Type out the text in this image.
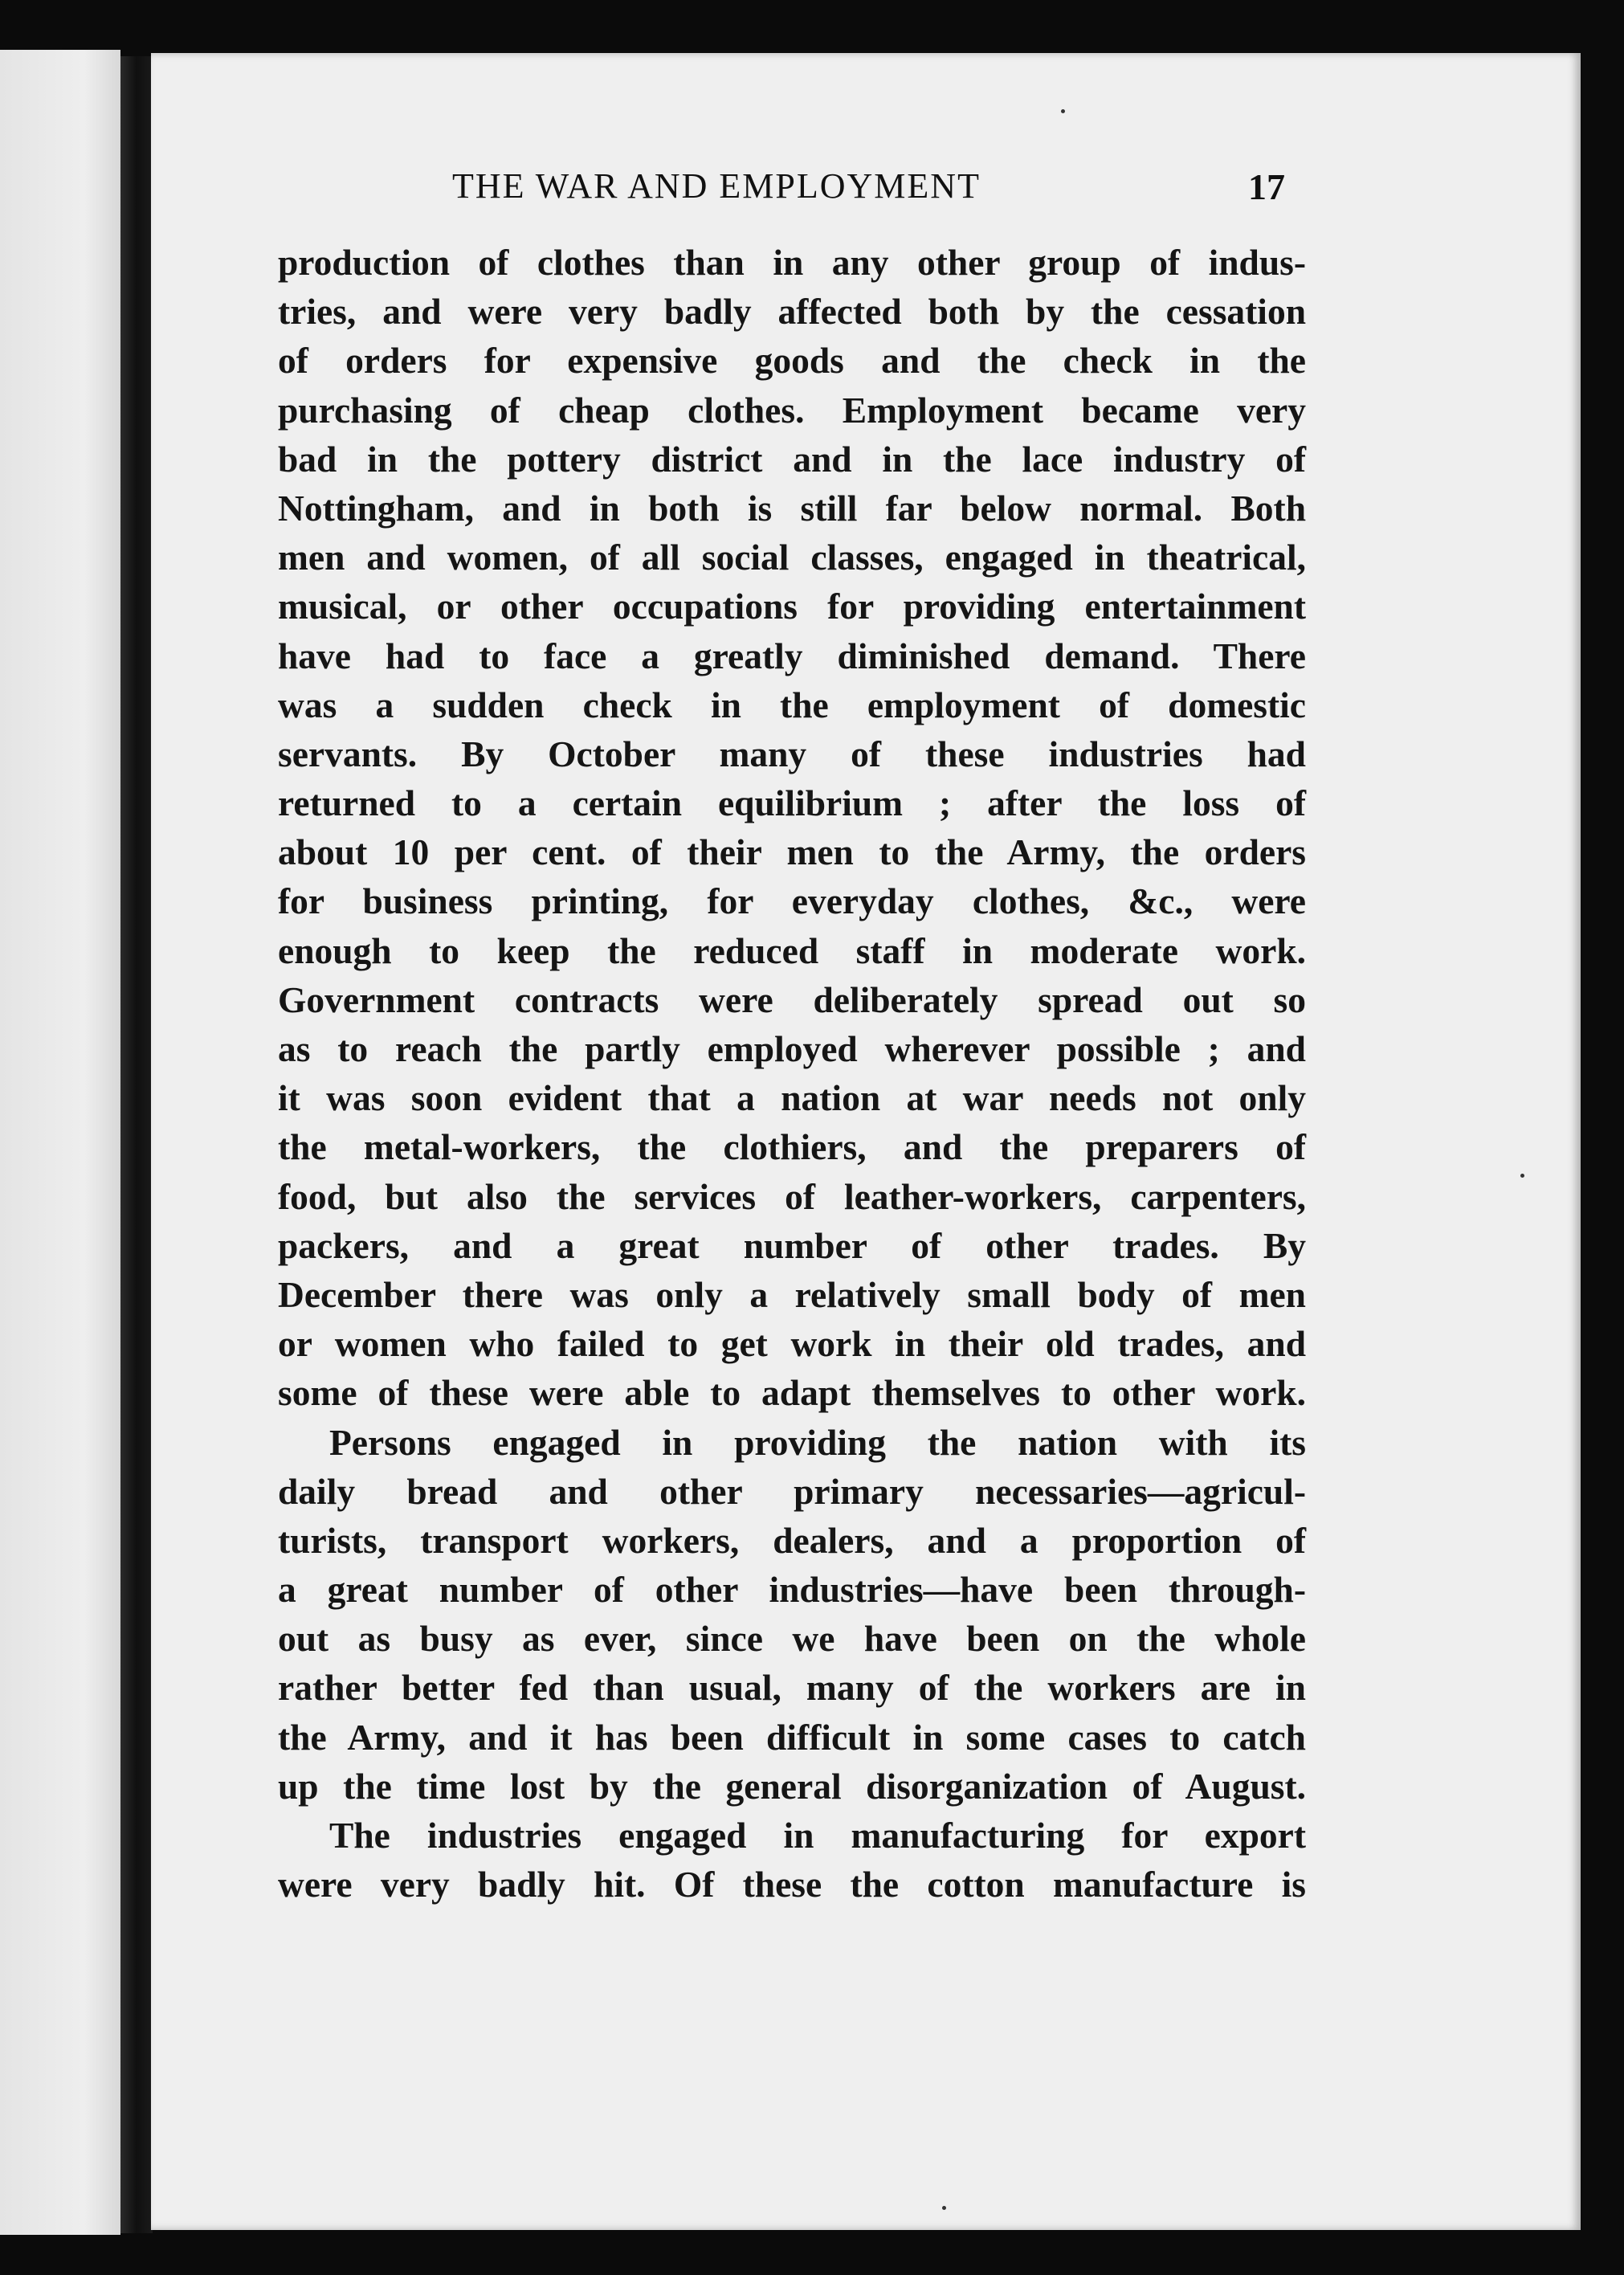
THE WAR AND EMPLOYMENT	17

production of clothes than in any other group of indus-
tries, and were very badly affected both by the cessation
of orders for expensive goods and the check in the
purchasing of cheap clothes. Employment became very
bad in the pottery district and in the lace industry of
Nottingham, and in both is still far below normal. Both
men and women, of all social classes, engaged in theatrical,
musical, or other occupations for providing entertainment
have had to face a greatly diminished demand. There
was a sudden check in the employment of domestic
servants. By October many of these industries had
returned to a certain equilibrium ; after the loss of
about 10 per cent. of their men to the Army, the orders
for business printing, for everyday clothes, &c., were
enough to keep the reduced staff in moderate work.
Government contracts were deliberately spread out so
as to reach the partly employed wherever possible ; and
it was soon evident that a nation at war needs not only
the metal-workers, the clothiers, and the preparers of
food, but also the services of leather-workers, carpenters,
packers, and a great number of other trades. By
December there was only a relatively small body of men
or women who failed to get work in their old trades, and
some of these were able to adapt themselves to other work.

Persons engaged in providing the nation with its
daily bread and other primary necessaries—agricul-
turists, transport workers, dealers, and a proportion of
a great number of other industries—have been through-
out as busy as ever, since we have been on the whole
rather better fed than usual, many of the workers are in
the Army, and it has been difficult in some cases to catch
up the time lost by the general disorganization of August.

The industries engaged in manufacturing for export
were very badly hit. Of these the cotton manufacture is
